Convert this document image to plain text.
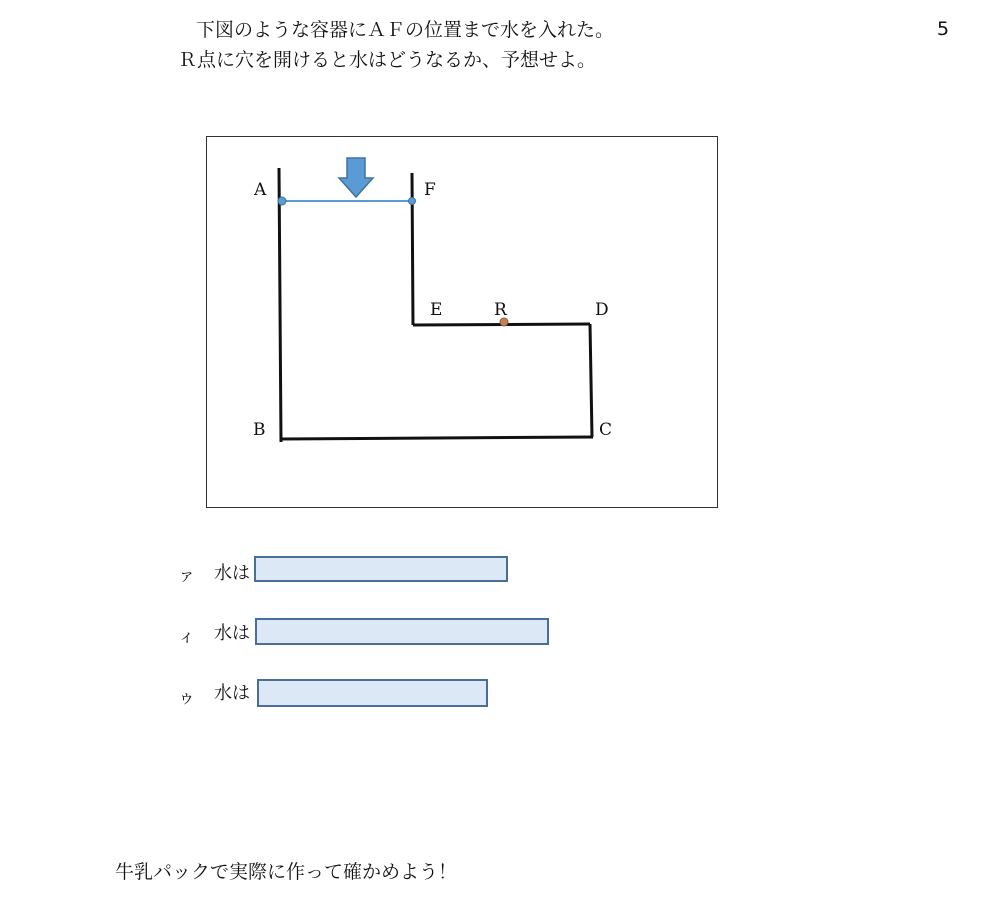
下図のような容器にＡＦの位置まで水を入れた。
Ｒ点に穴を開けると水はどうなるか、予想せよ。
5
A	F
E	R	D
B	C
ァ 水は
ィ 水は
ゥ 水は
牛乳パックで実際に作って確かめよう！
